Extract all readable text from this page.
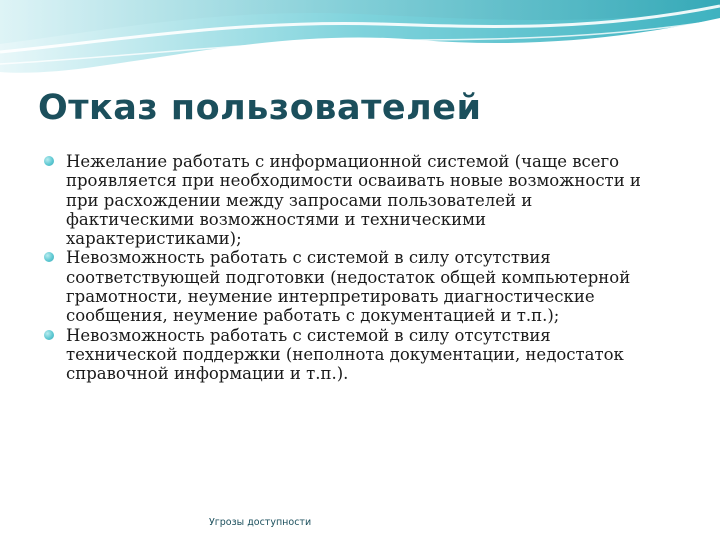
Отказ пользователей
Нежелание работать с информационной системой (чаще всего
проявляется при необходимости осваивать новые возможности и
при расхождении между запросами пользователей и
фактическими возможностями и техническими
характеристиками);
Невозможность работать с системой в силу отсутствия
соответствующей подготовки (недостаток общей компьютерной
грамотности, неумение интерпретировать диагностические
сообщения, неумение работать с документацией и т.п.);
Невозможность работать с системой в силу отсутствия
технической поддержки (неполнота документации, недостаток
справочной информации и т.п.).
Угрозы доступности
